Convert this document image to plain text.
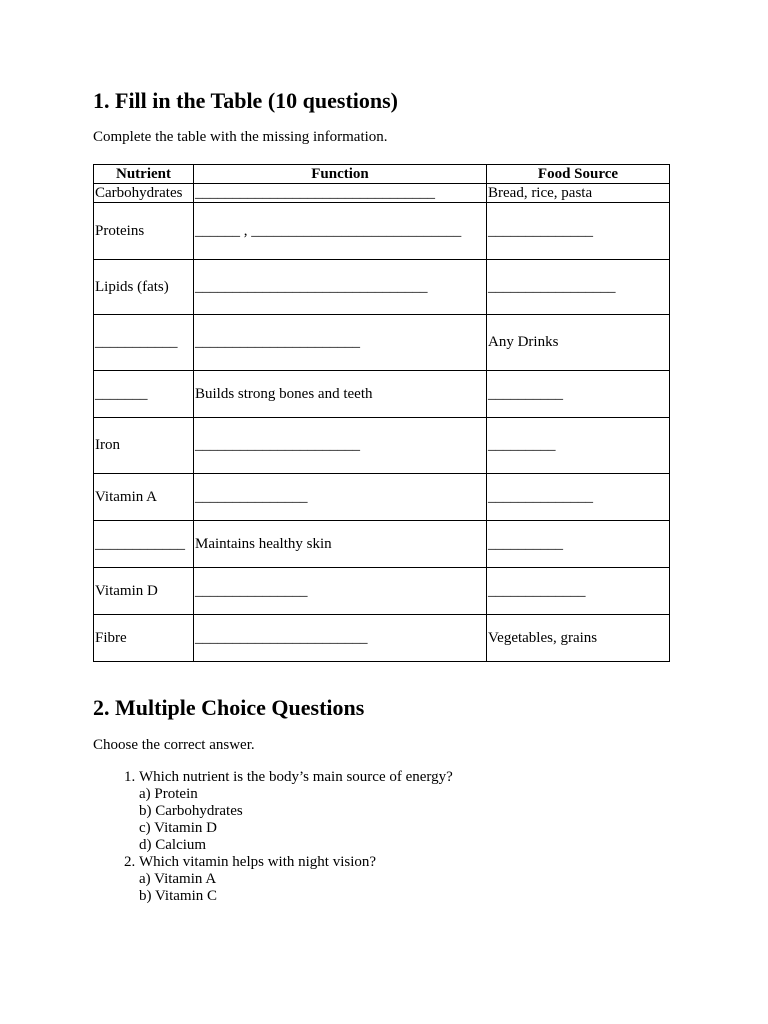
1. Fill in the Table (10 questions)
Complete the table with the missing information.
Nutrient	Function	Food Source
Carbohydrates	________________________________	Bread, rice, pasta
Proteins	______ , ____________________________	______________
Lipids (fats)	_______________________________	_________________
___________	______________________	Any Drinks
_______	Builds strong bones and teeth	__________
Iron	______________________	_________
Vitamin A	_______________	______________
____________	Maintains healthy skin	__________
Vitamin D	_______________	_____________
Fibre	_______________________	Vegetables, grains
2. Multiple Choice Questions
Choose the correct answer.
1. Which nutrient is the body’s main source of energy?
a) Protein
b) Carbohydrates
c) Vitamin D
d) Calcium
2. Which vitamin helps with night vision?
a) Vitamin A
b) Vitamin C
